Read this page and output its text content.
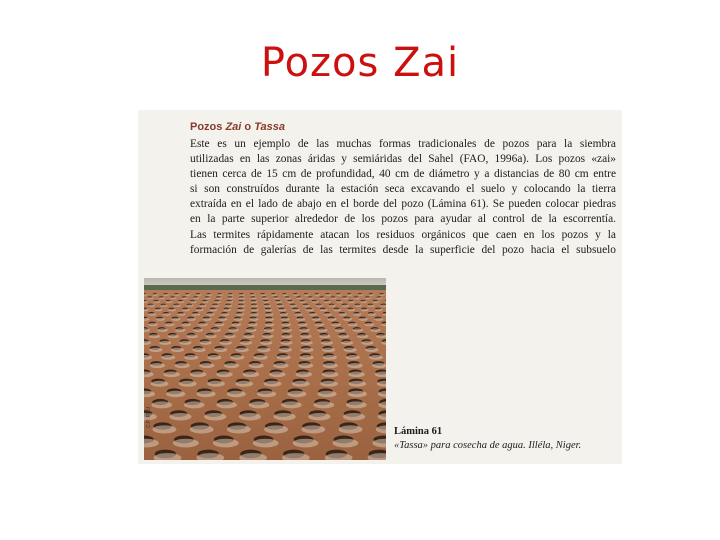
Pozos Zai
Pozos Zai o Tassa
Este es un ejemplo de las muchas formas tradicionales de pozos para la siembra
utilizadas en las zonas áridas y semiáridas del Sahel (FAO, 1996a). Los pozos «zai»
tienen cerca de 15 cm de profundidad, 40 cm de diámetro y a distancias de 80 cm entre
si son construídos durante la estación seca excavando el suelo y colocando la tierra
extraída en el lado de abajo en el borde del pozo (Lámina 61). Se pueden colocar piedras
en la parte superior alrededor de los pozos para ayudar al control de la escorrentía.
Las termites rápidamente atacan los residuos orgánicos que caen en los pozos y la
formación de galerías de las termites desde la superficie del pozo hacia el subsuelo
C.P. REIJ
Lámina 61
«Tassa» para cosecha de agua. Illéla, Niger.
